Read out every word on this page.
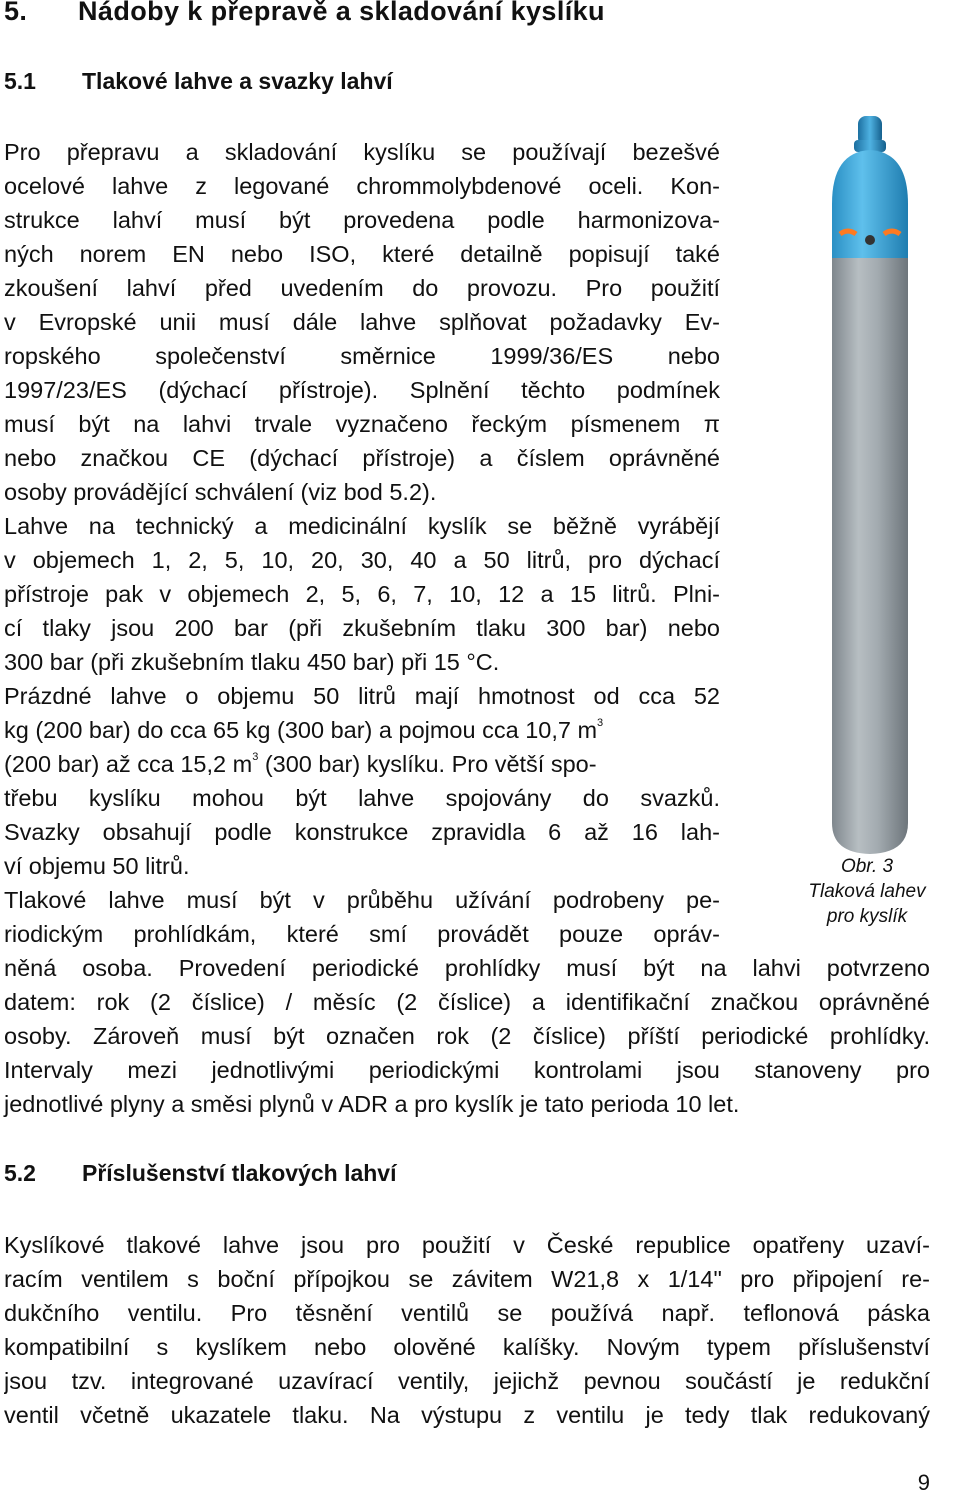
5. Nádoby k přepravě a skladování kyslíku
5.1 Tlakové lahve a svazky lahví
Pro přepravu a skladování kyslíku se používají bezešvé
ocelové lahve z legované chrommolybdenové oceli. Kon-
strukce lahví musí být provedena podle harmonizova-
ných norem EN nebo ISO, které detailně popisují také
zkoušení lahví před uvedením do provozu. Pro použití
v Evropské unii musí dále lahve splňovat požadavky Ev-
ropského společenství směrnice 1999/36/ES nebo
1997/23/ES (dýchací přístroje). Splnění těchto podmínek
musí být na lahvi trvale vyznačeno řeckým písmenem π
nebo značkou CE (dýchací přístroje) a číslem oprávněné
osoby provádějící schválení (viz bod 5.2).
Lahve na technický a medicinální kyslík se běžně vyrábějí
v objemech 1, 2, 5, 10, 20, 30, 40 a 50 litrů, pro dýchací
přístroje pak v objemech 2, 5, 6, 7, 10, 12 a 15 litrů. Plni-
cí tlaky jsou 200 bar (při zkušebním tlaku 300 bar) nebo
300 bar (při zkušebním tlaku 450 bar) při 15 °C.
Prázdné lahve o objemu 50 litrů mají hmotnost od cca 52
kg (200 bar) do cca 65 kg (300 bar) a pojmou cca 10,7 $m^3$
(200 bar) až cca 15,2 $m^3$ (300 bar) kyslíku. Pro větší spo-
třebu kyslíku mohou být lahve spojovány do svazků.
Svazky obsahují podle konstrukce zpravidla 6 až 16 lah-
ví objemu 50 litrů.
Tlakové lahve musí být v průběhu užívání podrobeny pe-
riodickým prohlídkám, které smí provádět pouze opráv-
něná osoba. Provedení periodické prohlídky musí být na lahvi potvrzeno
datem: rok (2 číslice) / měsíc (2 číslice) a identifikační značkou oprávněné
osoby. Zároveň musí být označen rok (2 číslice) příští periodické prohlídky.
Intervaly mezi jednotlivými periodickými kontrolami jsou stanoveny pro
jednotlivé plyny a směsi plynů v ADR a pro kyslík je tato perioda 10 let.
5.2 Příslušenství tlakových lahví
Kyslíkové tlakové lahve jsou pro použití v České republice opatřeny uzaví-
racím ventilem s boční přípojkou se závitem W21,8 x 1/14" pro připojení re-
dukčního ventilu. Pro těsnění ventilů se používá např. teflonová páska
kompatibilní s kyslíkem nebo olověné kalíšky. Novým typem příslušenství
jsou tzv. integrované uzavírací ventily, jejichž pevnou součástí je redukční
ventil včetně ukazatele tlaku. Na výstupu z ventilu je tedy tlak redukovaný
Obr. 3
Tlaková lahev
pro kyslík
9
